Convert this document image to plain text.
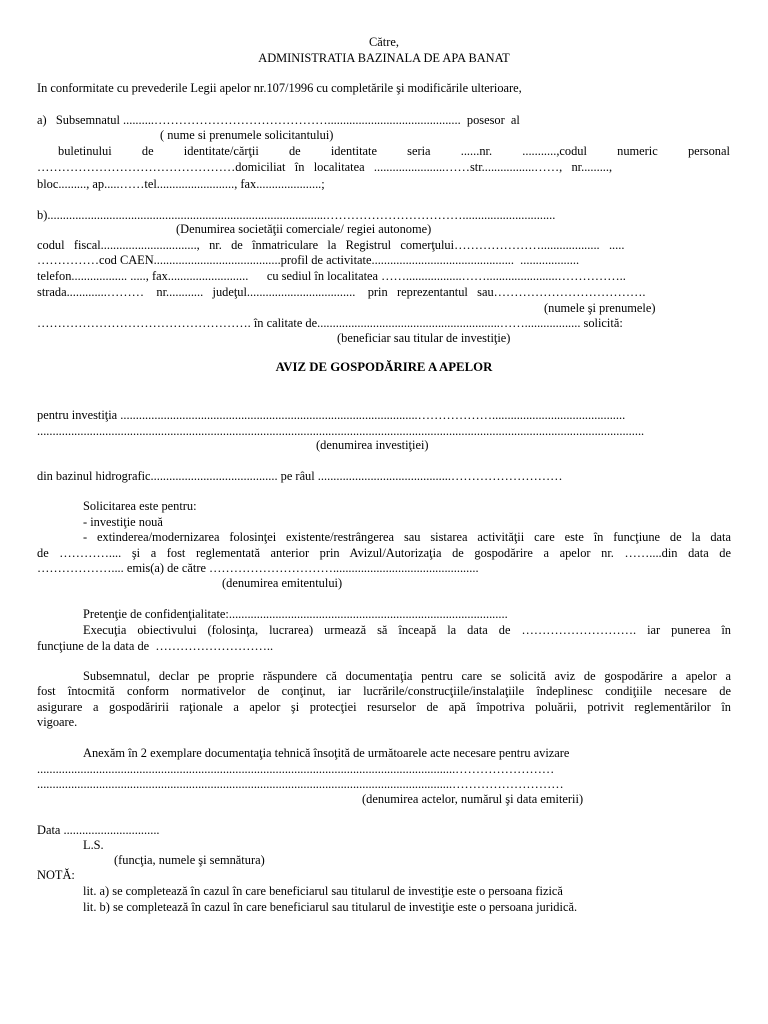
Către,
ADMINISTRATIA BAZINALA DE APA BANAT
In conformitate cu prevederile Legii apelor nr.107/1996 cu completările şi modificările ulterioare,
a)   Subsemnatul ..........……………………………………...........................................  posesor  al
( nume si prenumele solicitantului)
buletinului de identitate/cărţii de identitate seria ......nr. ...........,codul numeric personal
…………………………………………domiciliat   în   localitatea   .......................……str.................……,   nr.........,
bloc........., ap.....……tel........................., fax.....................;
b)..........................................................................................……………………………..............................
(Denumirea societăţii comerciale/ regiei autonome)
codul   fiscal...............................,   nr.   de   înmatriculare   la   Registrul   comerţului…………………...................   .....
……………cod CAEN.........................................profil de activitate..............................................  ...................
telefon.................. ....., fax..........................      cu sediul în localitatea ……..................…….......................……………..
strada.............………    nr............   judeţul...................................    prin   reprezentantul   sau……………………………….
(numele şi prenumele)
……………………………………………. în calitate de...........................................................…….................. solicită:
(beneficiar sau titular de investiţie)
AVIZ DE GOSPODĂRIRE A APELOR
pentru investiţia ................................................................................................………………...........................................
....................................................................................................................................................................................................
(denumirea investiţiei)
din bazinul hidrografic......................................... pe râul ...........................................………………………
Solicitarea este pentru:
- investiţie nouă
- extinderea/modernizarea folosinţei existente/restrângerea sau sistarea activităţii care este în funcţiune de la data
de ………….... şi a fost reglementată anterior prin Avizul/Autorizaţia de gospodărire a apelor nr. ……....din data de
……………….... emis(a) de către …………………………...............................................
(denumirea emitentului)
Pretenţie de confidenţialitate:..........................................................................................
Execuţia obiectivului (folosinţa, lucrarea) urmează să înceapă la data de ………………………. iar punerea în
funcţiune de la data de  ………………………..
Subsemnatul, declar pe proprie răspundere că documentaţia pentru care se solicită aviz de gospodărire a apelor a
fost întocmită conform normativelor de conţinut, iar lucrările/construcţiile/instalaţiile îndeplinesc condiţiile necesare de
asigurare a gospodăririi raţionale a apelor şi protecţiei resurselor de apă împotriva poluării, potrivit reglementărilor în
vigoare.
Anexăm în 2 exemplare documentaţia tehnică însoţită de următoarele acte necesare pentru avizare
.......................................................................................................................................……………………
......................................................................................................................................………………………
(denumirea actelor, numărul şi data emiterii)
Data ...............................
L.S.
(funcţia, numele şi semnătura)
NOTĂ:
lit. a) se completează în cazul în care beneficiarul sau titularul de investiţie este o persoana fizică
lit. b) se completează în cazul în care beneficiarul sau titularul de investiţie este o persoana juridică.
